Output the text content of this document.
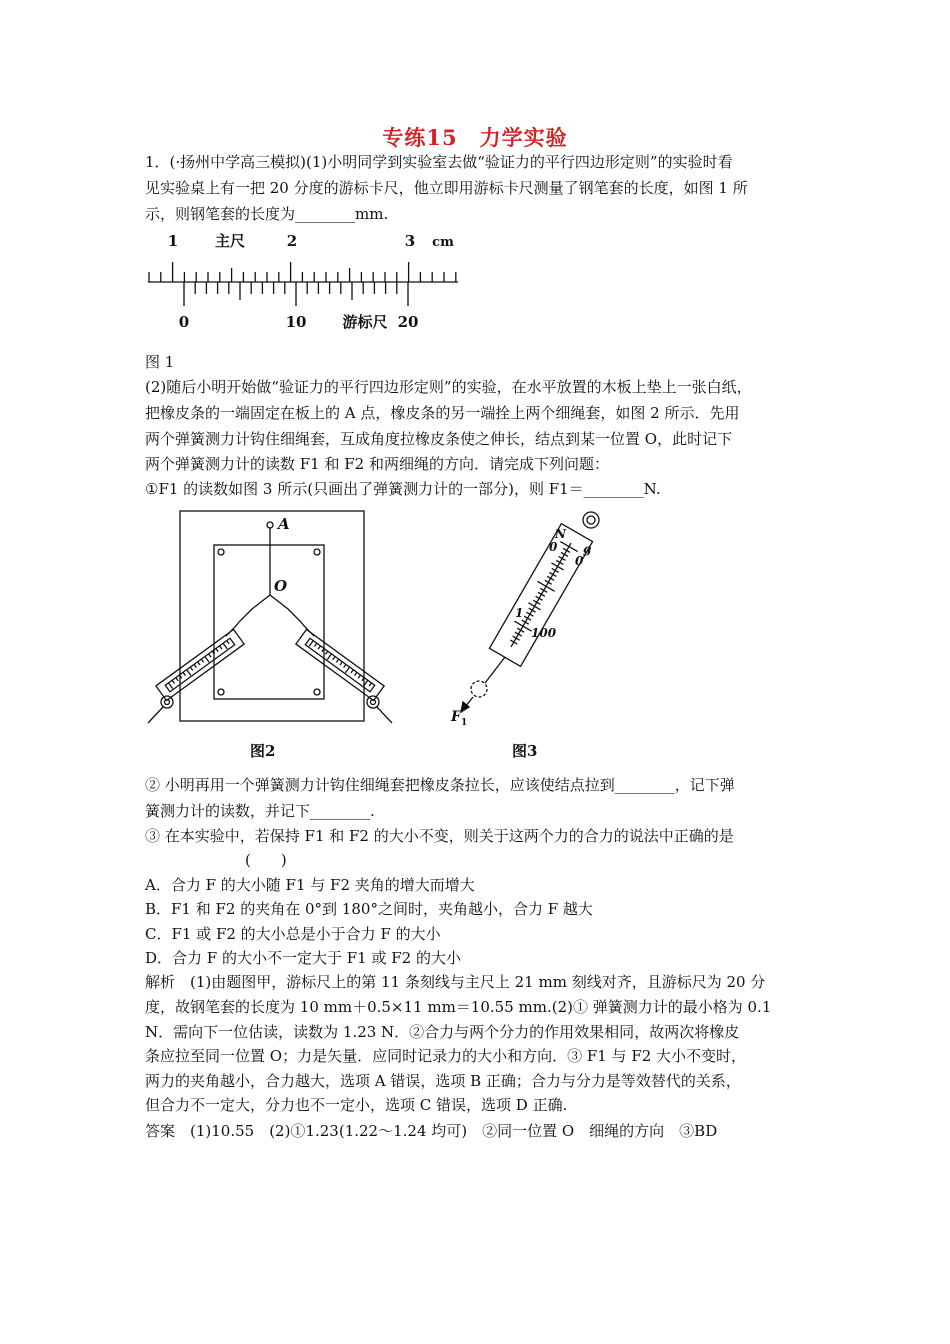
专练15　力学实验
1．(·扬州中学高三模拟)(1)小明同学到实验室去做“验证力的平行四边形定则”的实验时看
见实验桌上有一把 20 分度的游标卡尺，他立即用游标卡尺测量了钢笔套的长度，如图 1 所
示，则钢笔套的长度为________mm.
1 主尺	2	3 cm
0	10 游标尺 20
图 1
(2)随后小明开始做“验证力的平行四边形定则”的实验，在水平放置的木板上垫上一张白纸，
把橡皮条的一端固定在板上的 A 点，橡皮条的另一端拴上两个细绳套，如图 2 所示．先用
两个弹簧测力计钩住细绳套，互成角度拉橡皮条使之伸长，结点到某一位置 O，此时记下
两个弹簧测力计的读数 F1 和 F2 和两细绳的方向．请完成下列问题：
①F1 的读数如图 3 所示(只画出了弹簧测力计的一部分)，则 F1＝________N.
A
O
N
g
0
0
1
100
F 1
图2	图3
② 小明再用一个弹簧测力计钩住细绳套把橡皮条拉长，应该使结点拉到________，记下弹
簧测力计的读数，并记下________.
③ 在本实验中，若保持 F1 和 F2 的大小不变，则关于这两个力的合力的说法中正确的是
(　　)
A．合力 F 的大小随 F1 与 F2 夹角的增大而增大
B．F1 和 F2 的夹角在 0°到 180°之间时，夹角越小，合力 F 越大
C．F1 或 F2 的大小总是小于合力 F 的大小
D．合力 F 的大小不一定大于 F1 或 F2 的大小
解析　(1)由题图甲，游标尺上的第 11 条刻线与主尺上 21 mm 刻线对齐，且游标尺为 20 分
度，故钢笔套的长度为 10 mm＋0.5×11 mm＝10.55 mm.(2)① 弹簧测力计的最小格为 0.1
N．需向下一位估读，读数为 1.23 N．②合力与两个分力的作用效果相同，故两次将橡皮
条应拉至同一位置 O；力是矢量．应同时记录力的大小和方向．③ F1 与 F2 大小不变时，
两力的夹角越小，合力越大，选项 A 错误，选项 B 正确；合力与分力是等效替代的关系，
但合力不一定大，分力也不一定小，选项 C 错误，选项 D 正确.
答案　(1)10.55　(2)①1.23(1.22～1.24 均可)　②同一位置 O　细绳的方向　③BD
